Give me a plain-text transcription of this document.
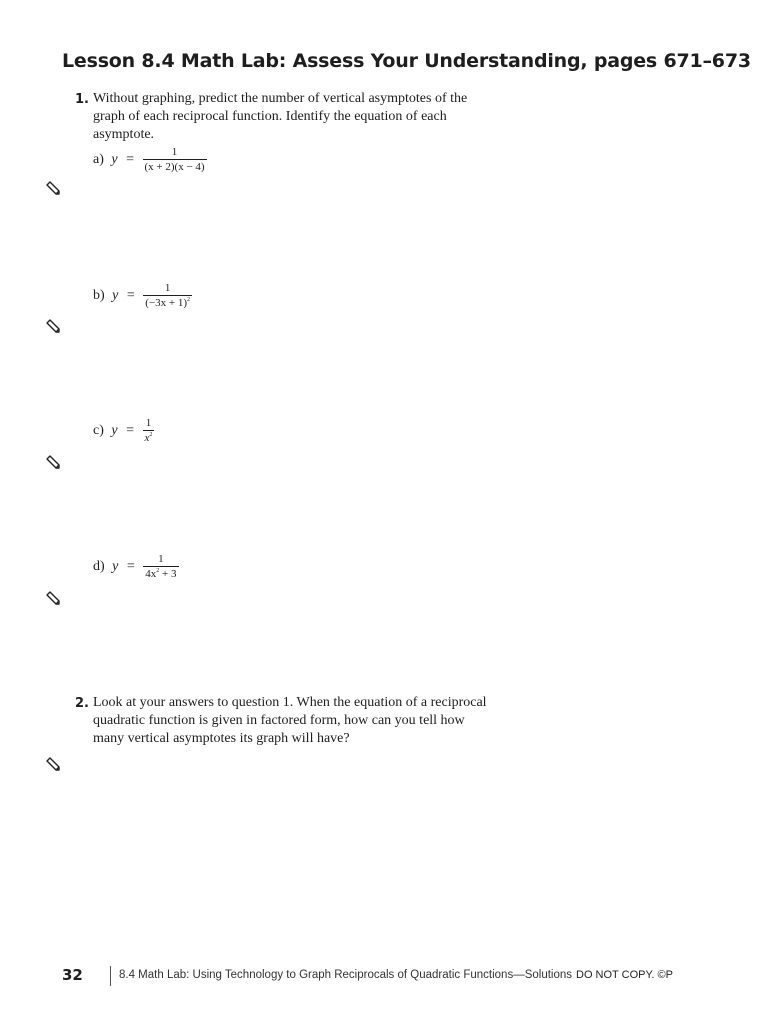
Lesson 8.4 Math Lab: Assess Your Understanding, pages 671–673
1. Without graphing, predict the number of vertical asymptotes of the graph of each reciprocal function. Identify the equation of each asymptote.
a) $y = \frac{1}{(x + 2)(x - 4)}$
b) $y = \frac{1}{(-3x + 1)^2}$
c) $y = \frac{1}{x^2}$
d) $y = \frac{1}{4x^2 + 3}$
2. Look at your answers to question 1. When the equation of a reciprocal quadratic function is given in factored form, how can you tell how many vertical asymptotes its graph will have?
32	8.4 Math Lab: Using Technology to Graph Reciprocals of Quadratic Functions—Solutions DO NOT COPY. ©P
